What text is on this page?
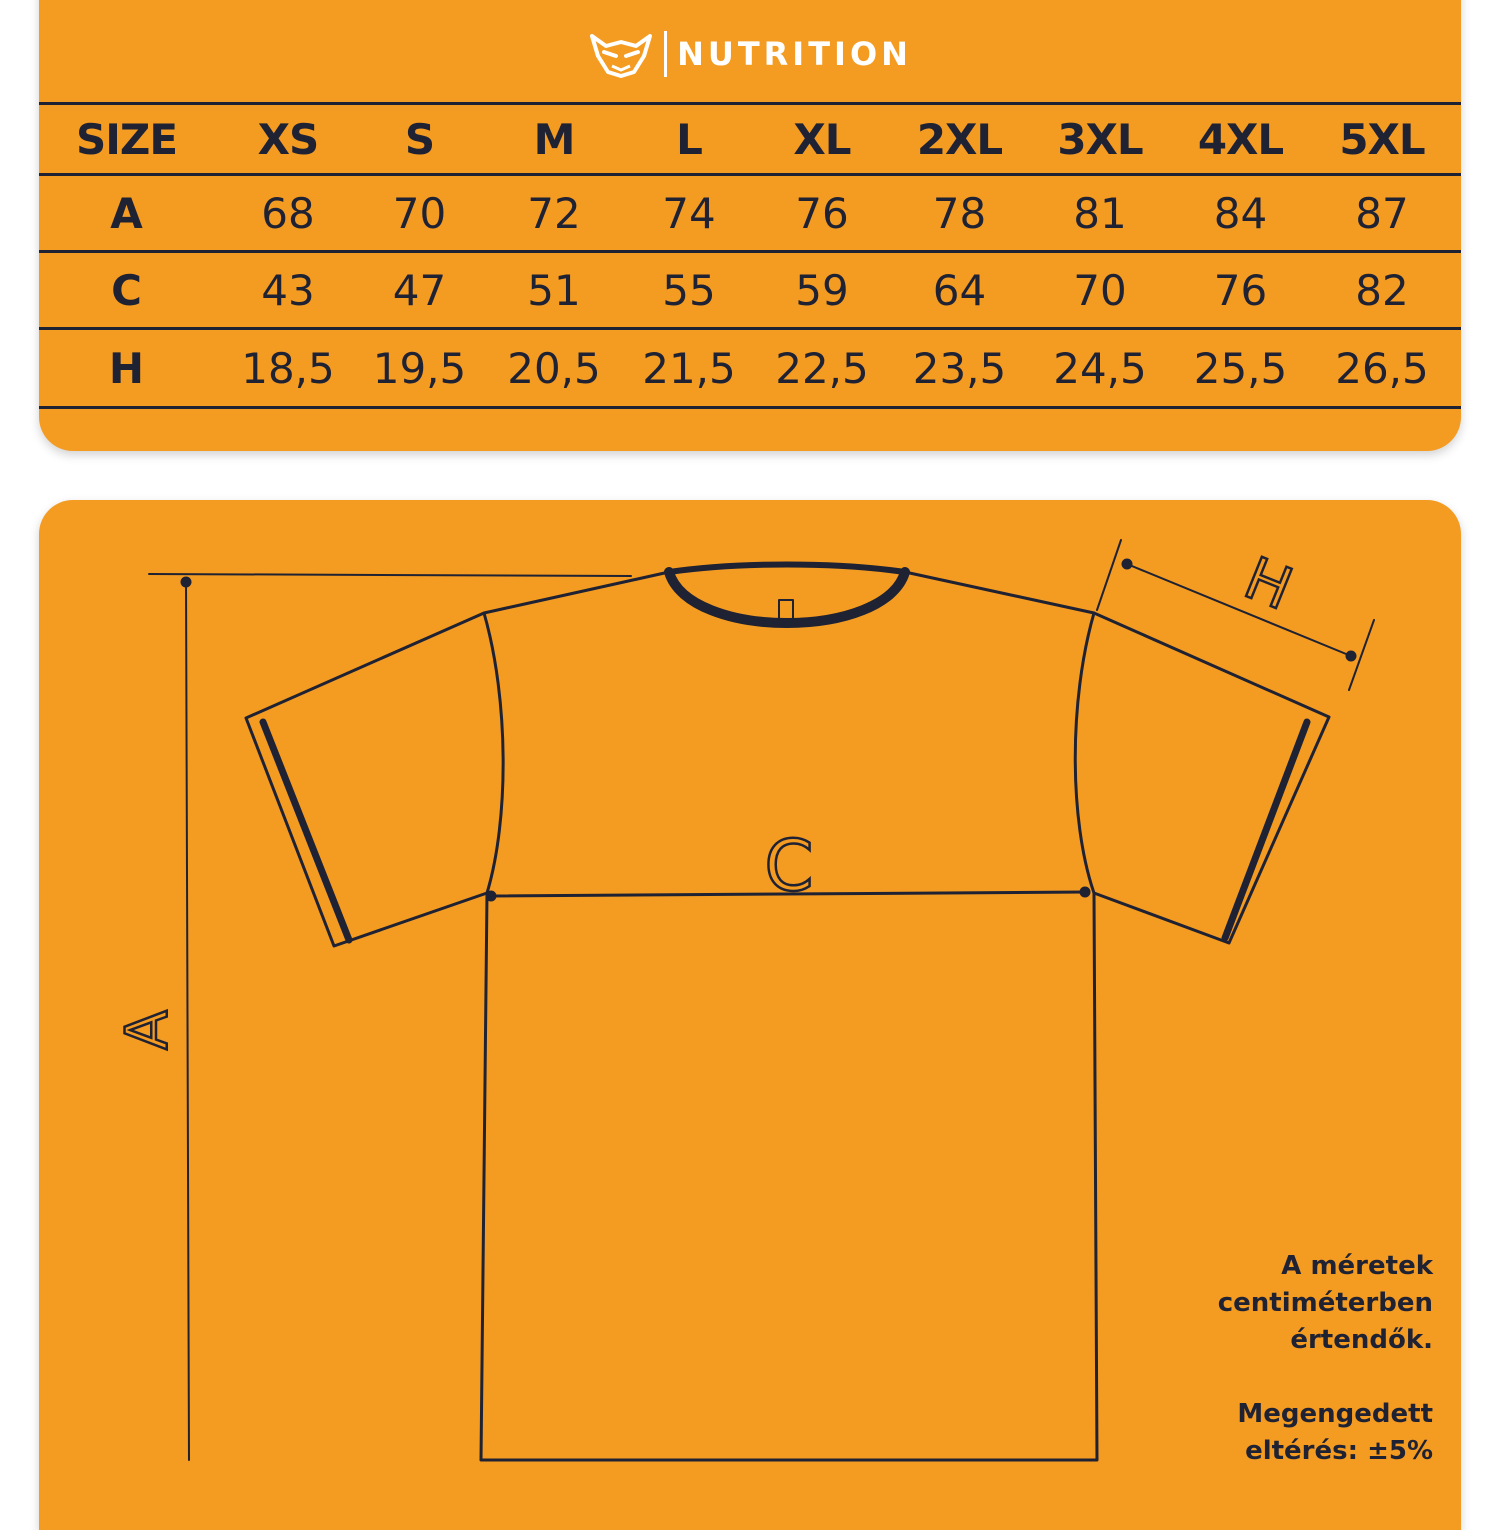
NUTRITION
SIZE	XS	S	M	L	XL	2XL	3XL	4XL	5XL
A	68	70	72	74	76	78	81	84	87
C	43	47	51	55	59	64	70	76	82
H	18,5	19,5	20,5	21,5	22,5	23,5	24,5	25,5	26,5
A
C
H
A méretek
centiméterben
értendők.
Megengedett
eltérés: ±5%
